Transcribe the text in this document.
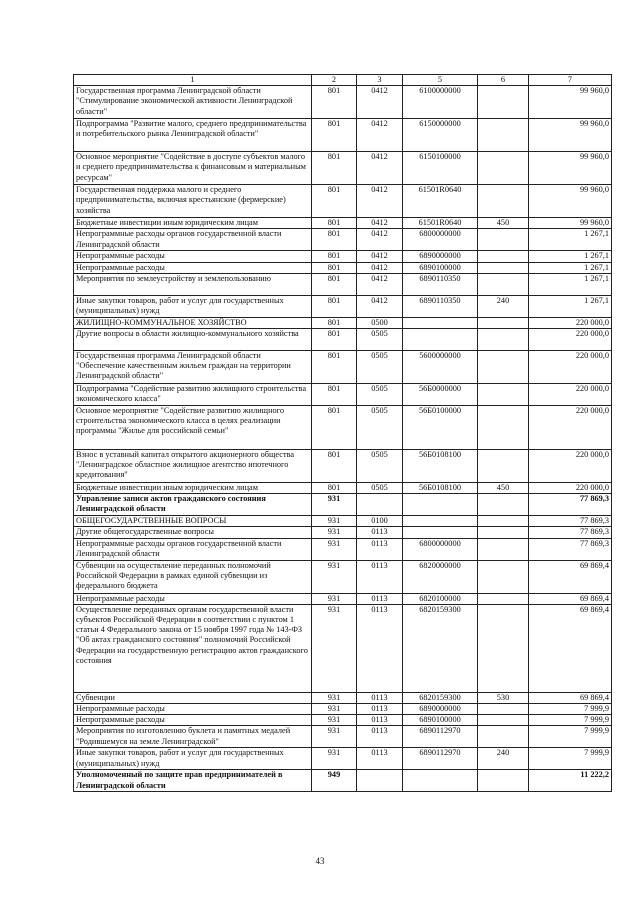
1	2	3	5	6	7
Государственная программа Ленинградской области "Стимулирование экономической активности Ленинградской области"	801	0412	6100000000		99 960,0
Подпрограмма "Развитие малого, среднего предпринимательства и потребительского рынка Ленинградской области"	801	0412	6150000000		99 960,0
Основное мероприятие "Содействие в доступе субъектов малого и среднего предпринимательства к финансовым и материальным ресурсам"	801	0412	6150100000		99 960,0
Государственная поддержка малого и среднего предпринимательства, включая крестьянские (фермерские) хозяйства	801	0412	61501R0640		99 960,0
Бюджетные инвестиции иным юридическим лицам	801	0412	61501R0640	450	99 960,0
Непрограммные расходы органов государственной власти Ленинградской области	801	0412	6800000000		1 267,1
Непрограммные расходы	801	0412	6890000000		1 267,1
Непрограммные расходы	801	0412	6890100000		1 267,1
Мероприятия по землеустройству и землепользованию	801	0412	6890110350		1 267,1
Иные закупки товаров, работ и услуг для государственных (муниципальных) нужд	801	0412	6890110350	240	1 267,1
ЖИЛИЩНО-КОММУНАЛЬНОЕ ХОЗЯЙСТВО	801	0500			220 000,0
Другие вопросы в области жилищно-коммунального хозяйства	801	0505			220 000,0
Государственная программа Ленинградской области "Обеспечение качественным жильем граждан на территории Ленинградской области"	801	0505	5600000000		220 000,0
Подпрограмма "Содействие развитию жилищного строительства экономического класса"	801	0505	56Б0000000		220 000,0
Основное мероприятие "Содействие развитию жилищного строительства экономического класса в целях реализации программы "Жилье для российской семьи"	801	0505	56Б0100000		220 000,0
Взнос в уставный капитал открытого акционерного общества "Ленинградское областное жилищное агентство ипотечного кредитования"	801	0505	56Б0108100		220 000,0
Бюджетные инвестиции иным юридическим лицам	801	0505	56Б0108100	450	220 000,0
Управление записи актов гражданского состояния Ленинградской области	931				77 869,3
ОБЩЕГОСУДАРСТВЕННЫЕ ВОПРОСЫ	931	0100			77 869,3
Другие общегосударственные вопросы	931	0113			77 869,3
Непрограммные расходы органов государственной власти Ленинградской области	931	0113	6800000000		77 869,3
Субвенции на осуществление переданных полномочий Российской Федерации в рамках единой субвенции из федерального бюджета	931	0113	6820000000		69 869,4
Непрограммные расходы	931	0113	6820100000		69 869,4
Осуществление переданных органам государственной власти субъектов Российской Федерации в соответствии с пунктом 1 статьи 4 Федерального закона от 15 ноября 1997 года № 143-ФЗ "Об актах гражданского состояния" полномочий Российской Федерации на государственную регистрацию актов гражданского состояния	931	0113	6820159300		69 869,4
Субвенции	931	0113	6820159300	530	69 869,4
Непрограммные расходы	931	0113	6890000000		7 999,9
Непрограммные расходы	931	0113	6890100000		7 999,9
Мероприятия по изготовлению буклета и памятных медалей "Родившемуся на земле Ленинградской"	931	0113	6890112970		7 999,9
Иные закупки товаров, работ и услуг для государственных (муниципальных) нужд	931	0113	6890112970	240	7 999,9
Уполномоченный по защите прав предпринимателей в Ленинградской области	949				11 222,2
43
